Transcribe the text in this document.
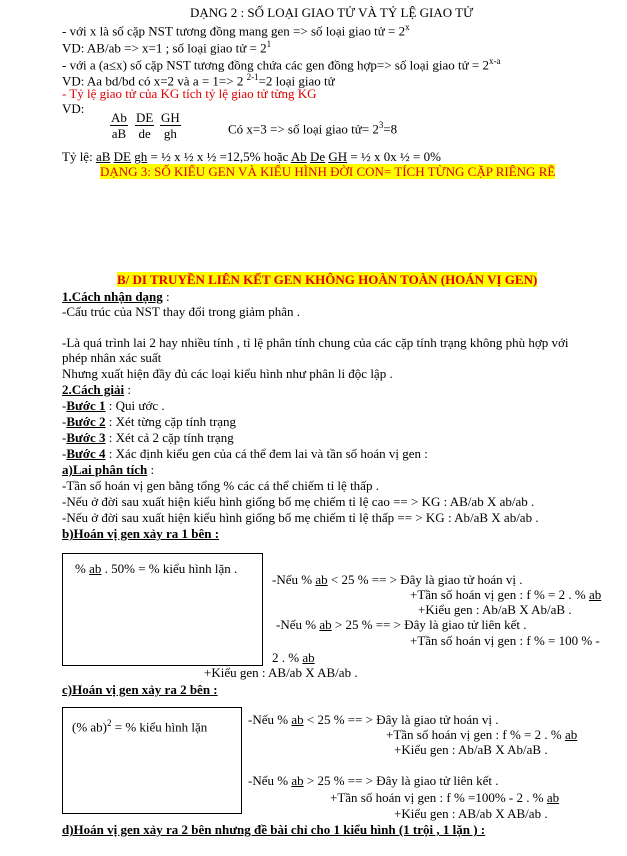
DẠNG 2 : SỐ LOẠI GIAO TỬ VÀ TỶ LỆ GIAO TỬ
- với x là số cặp NST tương đồng mang gen => số loại giao tử = $2^x$
VD: AB/ab => x=1 ; số loại giao tử = $2^1$
- với a (a≤x) số cặp NST tương đồng chứa các gen đồng hợp=> số loại giao tử = $2^{x-a}$
VD: Aa bd/bd có x=2 và a = 1=> 2 $^{2-1}$=2 loại giao tử
- Tỷ lệ giao tử của KG tích tỷ lệ giao tử từng KG
VD:
$\frac{Ab}{aB} \frac{DE}{de} \frac{GH}{gh}$	Có x=3 => số loại giao tử= $2^3=8$
Tỷ lệ: aB DE gh = ½ x ½ x ½ =12,5% hoặc Ab De GH = ½ x 0x ½ = 0%
DẠNG 3: SỐ KIỂU GEN VÀ KIỂU HÌNH ĐỜI CON= TÍCH TỪNG CẶP RIÊNG RẼ
B/ DI TRUYỀN LIÊN KẾT GEN KHÔNG HOÀN TOÀN (HOÁN VỊ GEN)
1.Cách nhận dạng :
-Cấu trúc của NST thay đổi trong giảm phân .
-Là quá trình lai 2 hay nhiều tính , tỉ lệ phân tính chung của các cặp tính trạng không phù hợp với
phép nhân xác suất
Nhưng xuất hiện đầy đủ các loại kiểu hình như phân li độc lập .
2.Cách giải :
-Bước 1 : Qui ước .
-Bước 2 : Xét từng cặp tính trạng
-Bước 3 : Xét cả 2 cặp tính trạng
-Bước 4 : Xác định kiểu gen của cá thể đem lai và tần số hoán vị gen :
a)Lai phân tích :
-Tần số hoán vị gen bằng tổng % các cá thể chiếm tỉ lệ thấp .
-Nếu ở đời sau xuất hiện kiểu hình giống bố mẹ chiếm tỉ lệ cao == > KG : AB/ab X ab/ab .
-Nếu ở đời sau xuất hiện kiểu hình giống bố mẹ chiếm tỉ lệ thấp == > KG : Ab/aB X ab/ab .
b)Hoán vị gen xảy ra 1 bên :
% ab . 50% = % kiểu hình lặn .
-Nếu % ab < 25 % == > Đây là giao tử hoán vị .
+Tần số hoán vị gen : f % = 2 . % ab
+Kiểu gen : Ab/aB X Ab/aB .
-Nếu % ab > 25 % == > Đây là giao tử liên kết .
+Tần số hoán vị gen : f % = 100 % -
2 . % ab
+Kiểu gen : AB/ab X AB/ab .
c)Hoán vị gen xảy ra 2 bên :
(% ab)$^2$ = % kiểu hình lặn	-Nếu % ab < 25 % == > Đây là giao tử hoán vị .
+Tần số hoán vị gen : f % = 2 . % ab
+Kiểu gen : Ab/aB X Ab/aB .
-Nếu % ab > 25 % == > Đây là giao tử liên kết .
+Tần số hoán vị gen : f % =100% - 2 . % ab
+Kiểu gen : AB/ab X AB/ab .
d)Hoán vị gen xảy ra 2 bên nhưng đề bài chỉ cho 1 kiểu hình (1 trội , 1 lặn ) :
